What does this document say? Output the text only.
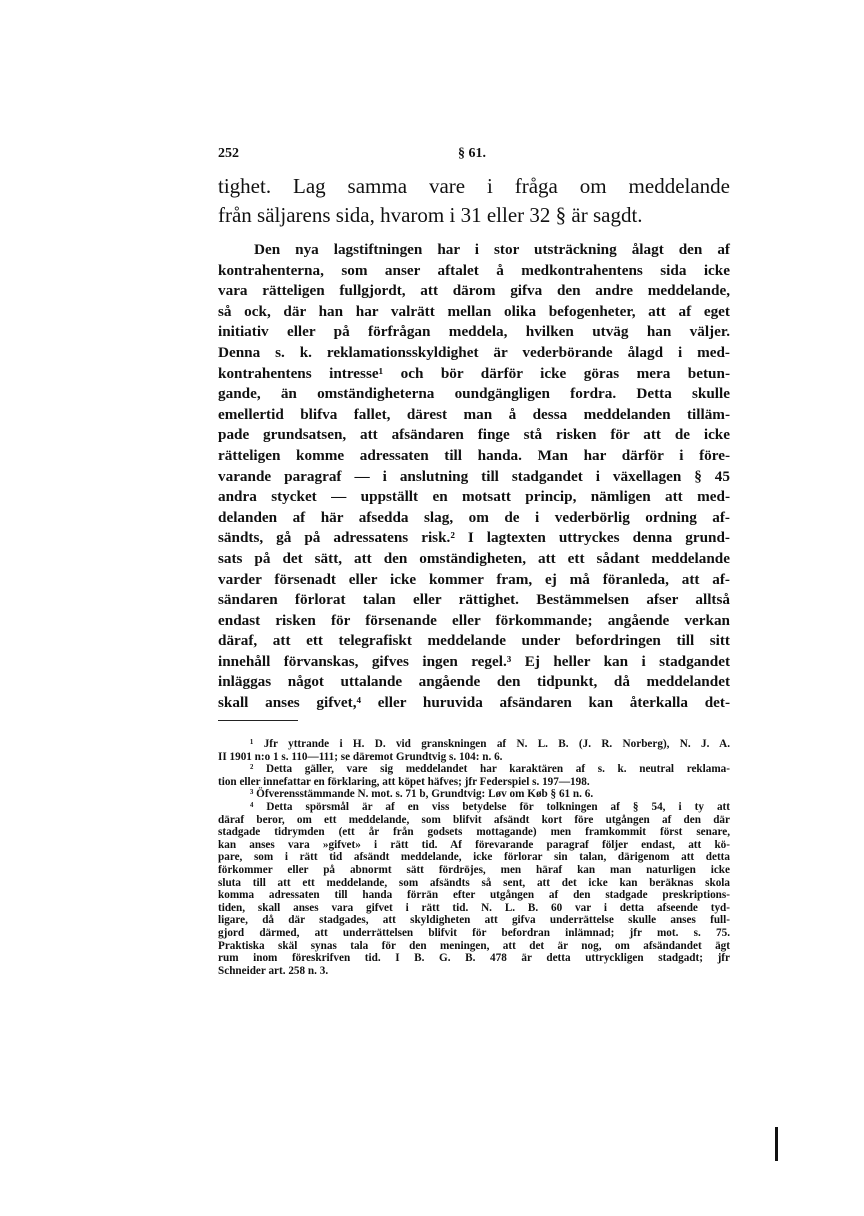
252	§ 61.
tighet. Lag samma vare i fråga om meddelande
från säljarens sida, hvarom i 31 eller 32 § är sagdt.
Den nya lagstiftningen har i stor utsträckning ålagt den af
kontrahenterna, som anser aftalet å medkontrahentens sida icke
vara rätteligen fullgjordt, att därom gifva den andre meddelande,
så ock, där han har valrätt mellan olika befogenheter, att af eget
initiativ eller på förfrågan meddela, hvilken utväg han väljer.
Denna s. k. reklamationsskyldighet är vederbörande ålagd i med-
kontrahentens intresse¹ och bör därför icke göras mera betun-
gande, än omständigheterna oundgängligen fordra. Detta skulle
emellertid blifva fallet, därest man å dessa meddelanden tilläm-
pade grundsatsen, att afsändaren finge stå risken för att de icke
rätteligen komme adressaten till handa. Man har därför i före-
varande paragraf — i anslutning till stadgandet i växellagen § 45
andra stycket — uppställt en motsatt princip, nämligen att med-
delanden af här afsedda slag, om de i vederbörlig ordning af-
sändts, gå på adressatens risk.² I lagtexten uttryckes denna grund-
sats på det sätt, att den omständigheten, att ett sådant meddelande
varder försenadt eller icke kommer fram, ej må föranleda, att af-
sändaren förlorat talan eller rättighet. Bestämmelsen afser alltså
endast risken för försenande eller förkommande; angående verkan
däraf, att ett telegrafiskt meddelande under befordringen till sitt
innehåll förvanskas, gifves ingen regel.³ Ej heller kan i stadgandet
inläggas något uttalande angående den tidpunkt, då meddelandet
skall anses gifvet,⁴ eller huruvida afsändaren kan återkalla det-
¹ Jfr yttrande i H. D. vid granskningen af N. L. B. (J. R. Norberg), N. J. A.
II 1901 n:o 1 s. 110—111; se däremot Grundtvig s. 104: n. 6.
² Detta gäller, vare sig meddelandet har karaktären af s. k. neutral reklama-
tion eller innefattar en förklaring, att köpet häfves; jfr Federspiel s. 197—198.
³ Öfverensstämmande N. mot. s. 71 b, Grundtvig: Løv om Køb § 61 n. 6.
⁴ Detta spörsmål är af en viss betydelse för tolkningen af § 54, i ty att
däraf beror, om ett meddelande, som blifvit afsändt kort före utgången af den där
stadgade tidrymden (ett år från godsets mottagande) men framkommit först senare,
kan anses vara »gifvet» i rätt tid. Af förevarande paragraf följer endast, att kö-
pare, som i rätt tid afsändt meddelande, icke förlorar sin talan, därigenom att detta
förkommer eller på abnormt sätt fördröjes, men häraf kan man naturligen icke
sluta till att ett meddelande, som afsändts så sent, att det icke kan beräknas skola
komma adressaten till handa förrän efter utgången af den stadgade preskriptions-
tiden, skall anses vara gifvet i rätt tid. N. L. B. 60 var i detta afseende tyd-
ligare, då där stadgades, att skyldigheten att gifva underrättelse skulle anses full-
gjord därmed, att underrättelsen blifvit för befordran inlämnad; jfr mot. s. 75.
Praktiska skäl synas tala för den meningen, att det är nog, om afsändandet ägt
rum inom föreskrifven tid. I B. G. B. 478 är detta uttryckligen stadgadt; jfr
Schneider art. 258 n. 3.
